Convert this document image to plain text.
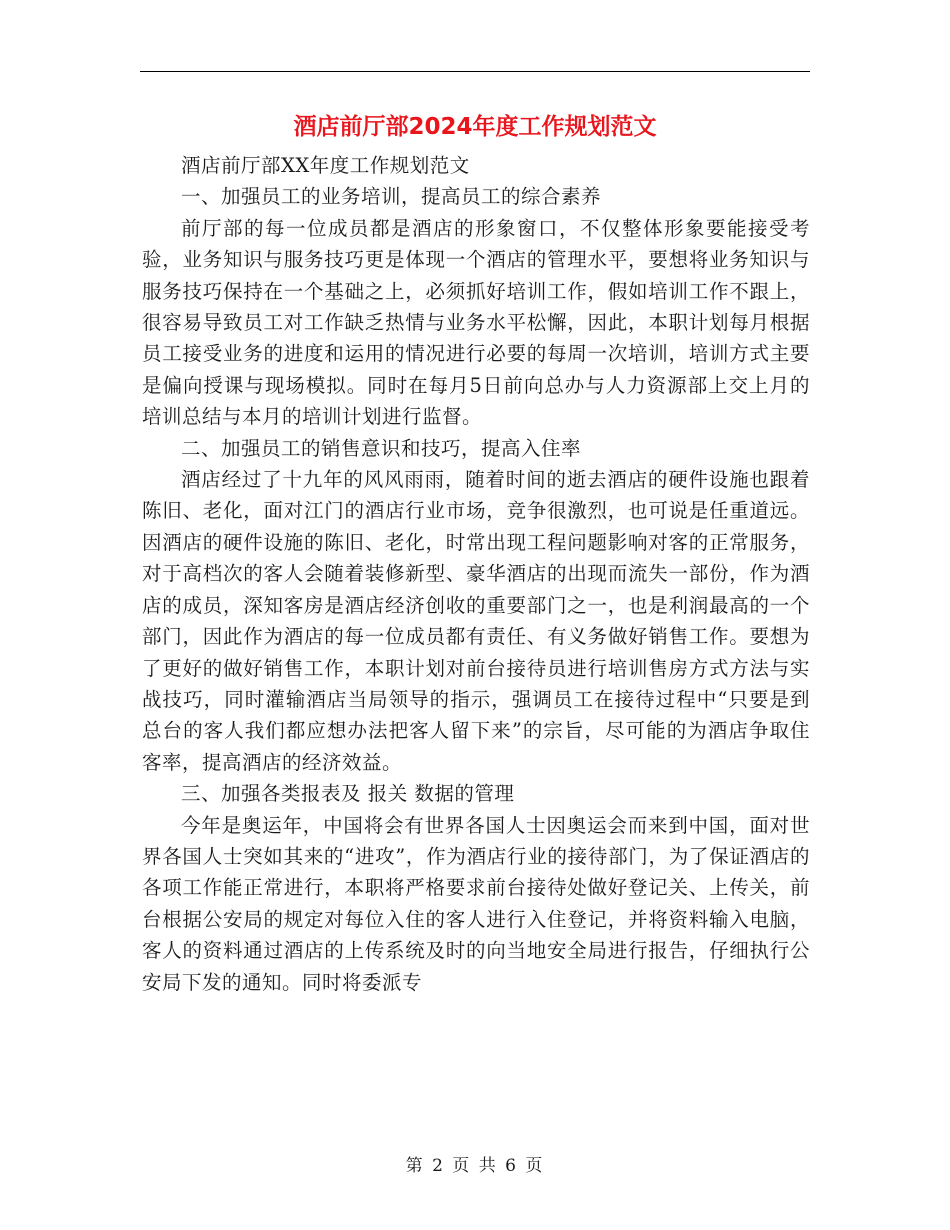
酒店前厅部2024年度工作规划范文

酒店前厅部XX年度工作规划范文

一、加强员工的业务培训，提高员工的综合素养

前厅部的每一位成员都是酒店的形象窗口，不仅整体形象要能接受考验，业务知识与服务技巧更是体现一个酒店的管理水平，要想将业务知识与服务技巧保持在一个基础之上，必须抓好培训工作，假如培训工作不跟上，很容易导致员工对工作缺乏热情与业务水平松懈，因此，本职计划每月根据员工接受业务的进度和运用的情况进行必要的每周一次培训，培训方式主要是偏向授课与现场模拟。同时在每月5日前向总办与人力资源部上交上月的培训总结与本月的培训计划进行监督。

二、加强员工的销售意识和技巧，提高入住率

酒店经过了十九年的风风雨雨，随着时间的逝去酒店的硬件设施也跟着陈旧、老化，面对江门的酒店行业市场，竞争很激烈，也可说是任重道远。因酒店的硬件设施的陈旧、老化，时常出现工程问题影响对客的正常服务，对于高档次的客人会随着装修新型、豪华酒店的出现而流失一部份，作为酒店的成员，深知客房是酒店经济创收的重要部门之一，也是利润最高的一个部门，因此作为酒店的每一位成员都有责任、有义务做好销售工作。要想为了更好的做好销售工作，本职计划对前台接待员进行培训售房方式方法与实战技巧，同时灌输酒店当局领导的指示，强调员工在接待过程中“只要是到总台的客人我们都应想办法把客人留下来”的宗旨，尽可能的为酒店争取住客率，提高酒店的经济效益。

三、加强各类报表及 报关 数据的管理

今年是奥运年，中国将会有世界各国人士因奥运会而来到中国，面对世界各国人士突如其来的“进攻”，作为酒店行业的接待部门，为了保证酒店的各项工作能正常进行，本职将严格要求前台接待处做好登记关、上传关，前台根据公安局的规定对每位入住的客人进行入住登记，并将资料输入电脑，客人的资料通过酒店的上传系统及时的向当地安全局进行报告，仔细执行公安局下发的通知。同时将委派专

第 2 页 共 6 页
